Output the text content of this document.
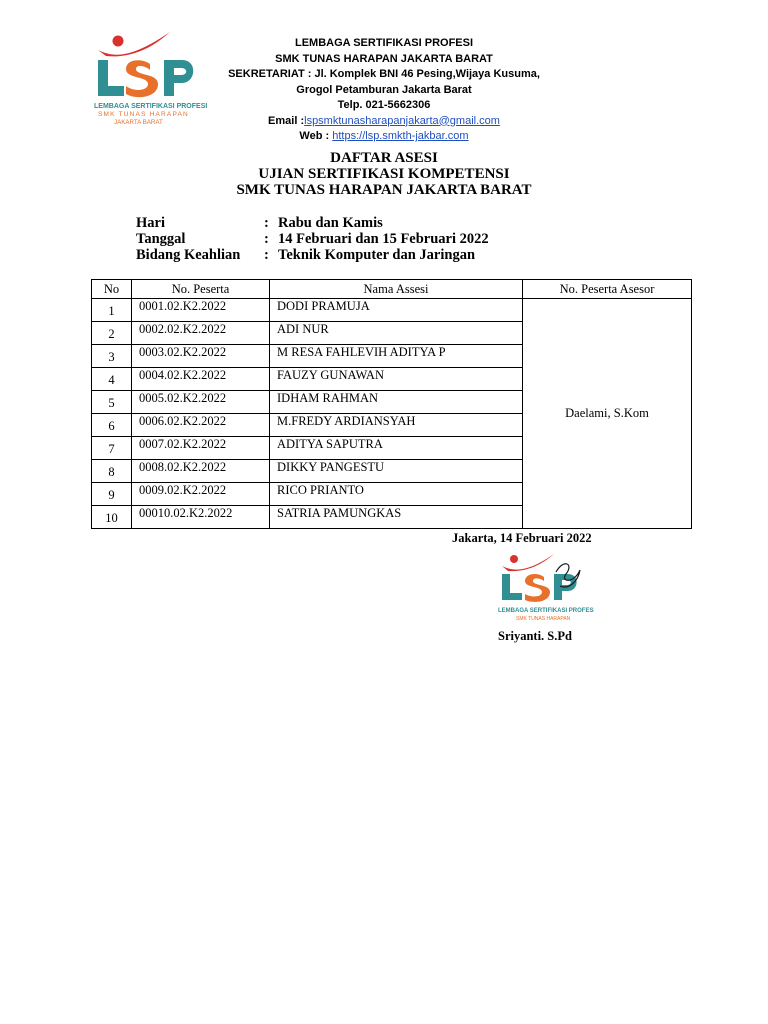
LEMBAGA SERTIFIKASI PROFESI
SMK TUNAS HARAPAN
JAKARTA BARAT
LEMBAGA SERTIFIKASI PROFESI
SMK TUNAS HARAPAN JAKARTA BARAT
SEKRETARIAT : Jl. Komplek BNI 46 Pesing,Wijaya Kusuma,
Grogol Petamburan Jakarta Barat
Telp. 021-5662306
Email :lspsmktunasharapanjakarta@gmail.com
Web : https://lsp.smkth-jakbar.com
DAFTAR ASESI
UJIAN SERTIFIKASI KOMPETENSI
SMK TUNAS HARAPAN JAKARTA BARAT
Hari	: Rabu dan Kamis
Tanggal	: 14 Februari dan 15 Februari 2022
Bidang Keahlian	: Teknik Komputer dan Jaringan
No	No. Peserta	Nama Assesi	No. Peserta Asesor
1	0001.02.K2.2022	DODI PRAMUJA	Daelami, S.Kom
2	0002.02.K2.2022	ADI NUR	
3	0003.02.K2.2022	M RESA FAHLEVIH ADITYA P	
4	0004.02.K2.2022	FAUZY GUNAWAN	
5	0005.02.K2.2022	IDHAM RAHMAN	
6	0006.02.K2.2022	M.FREDY ARDIANSYAH	
7	0007.02.K2.2022	ADITYA SAPUTRA	
8	0008.02.K2.2022	DIKKY PANGESTU	
9	0009.02.K2.2022	RICO PRIANTO	
10	00010.02.K2.2022	SATRIA PAMUNGKAS	
Jakarta, 14 Februari 2022
LEMBAGA SERTIFIKASI PROFESI
SMK TUNAS HARAPAN
Sriyanti. S.Pd
